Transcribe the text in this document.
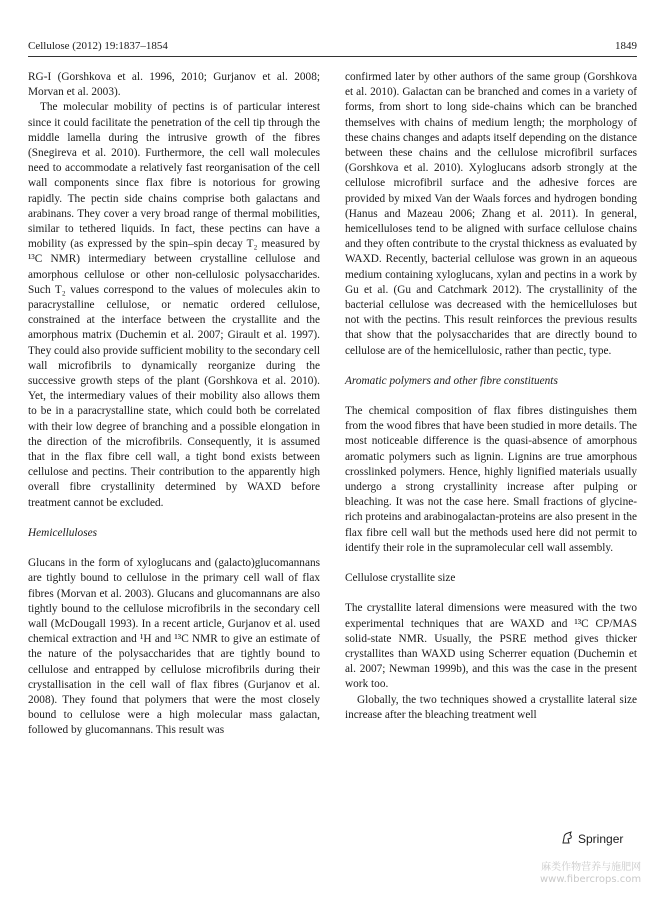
Cellulose (2012) 19:1837–1854	1849

RG-I (Gorshkova et al. 1996, 2010; Gurjanov et al. 2008; Morvan et al. 2003).

The molecular mobility of pectins is of particular interest since it could facilitate the penetration of the cell tip through the middle lamella during the intrusive growth of the fibres (Snegireva et al. 2010). Furthermore, the cell wall molecules need to accommodate a relatively fast reorganisation of the cell wall components since flax fibre is notorious for growing rapidly. The pectin side chains comprise both galactans and arabinans. They cover a very broad range of thermal mobilities, similar to tethered liquids. In fact, these pectins can have a mobility (as expressed by the spin–spin decay T₂ measured by ¹³C NMR) intermediary between crystalline cellulose and amorphous cellulose or other non-cellulosic polysaccharides. Such T₂ values correspond to the values of molecules akin to paracrystalline cellulose, or nematic ordered cellulose, constrained at the interface between the crystallite and the amorphous matrix (Duchemin et al. 2007; Girault et al. 1997). They could also provide sufficient mobility to the secondary cell wall microfibrils to dynamically reorganize during the successive growth steps of the plant (Gorshkova et al. 2010). Yet, the intermediary values of their mobility also allows them to be in a paracrystalline state, which could both be correlated with their low degree of branching and a possible elongation in the direction of the microfibrils. Consequently, it is assumed that in the flax fibre cell wall, a tight bond exists between cellulose and pectins. Their contribution to the apparently high overall fibre crystallinity determined by WAXD before treatment cannot be excluded.

Hemicelluloses

Glucans in the form of xyloglucans and (galacto)glucomannans are tightly bound to cellulose in the primary cell wall of flax fibres (Morvan et al. 2003). Glucans and glucomannans are also tightly bound to the cellulose microfibrils in the secondary cell wall (McDougall 1993). In a recent article, Gurjanov et al. used chemical extraction and ¹H and ¹³C NMR to give an estimate of the nature of the polysaccharides that are tightly bound to cellulose and entrapped by cellulose microfibrils during their crystallisation in the cell wall of flax fibres (Gurjanov et al. 2008). They found that polymers that were the most closely bound to cellulose were a high molecular mass galactan, followed by glucomannans. This result was

confirmed later by other authors of the same group (Gorshkova et al. 2010). Galactan can be branched and comes in a variety of forms, from short to long side-chains which can be branched themselves with chains of medium length; the morphology of these chains changes and adapts itself depending on the distance between these chains and the cellulose microfibril surfaces (Gorshkova et al. 2010). Xyloglucans adsorb strongly at the cellulose microfibril surface and the adhesive forces are provided by mixed Van der Waals forces and hydrogen bonding (Hanus and Mazeau 2006; Zhang et al. 2011). In general, hemicelluloses tend to be aligned with surface cellulose chains and they often contribute to the crystal thickness as evaluated by WAXD. Recently, bacterial cellulose was grown in an aqueous medium containing xyloglucans, xylan and pectins in a work by Gu et al. (Gu and Catchmark 2012). The crystallinity of the bacterial cellulose was decreased with the hemicelluloses but not with the pectins. This result reinforces the previous results that show that the polysaccharides that are directly bound to cellulose are of the hemicellulosic, rather than pectic, type.

Aromatic polymers and other fibre constituents

The chemical composition of flax fibres distinguishes them from the wood fibres that have been studied in more details. The most noticeable difference is the quasi-absence of amorphous aromatic polymers such as lignin. Lignins are true amorphous crosslinked polymers. Hence, highly lignified materials usually undergo a strong crystallinity increase after pulping or bleaching. It was not the case here. Small fractions of glycine-rich proteins and arabinogalactan-proteins are also present in the flax fibre cell wall but the methods used here did not permit to identify their role in the supramolecular cell wall assembly.

Cellulose crystallite size

The crystallite lateral dimensions were measured with the two experimental techniques that are WAXD and ¹³C CP/MAS solid-state NMR. Usually, the PSRE method gives thicker crystallites than WAXD using Scherrer equation (Duchemin et al. 2007; Newman 1999b), and this was the case in the present work too.

Globally, the two techniques showed a crystallite lateral size increase after the bleaching treatment well

Springer
麻类作物营养与施肥网
www.fibercrops.com
